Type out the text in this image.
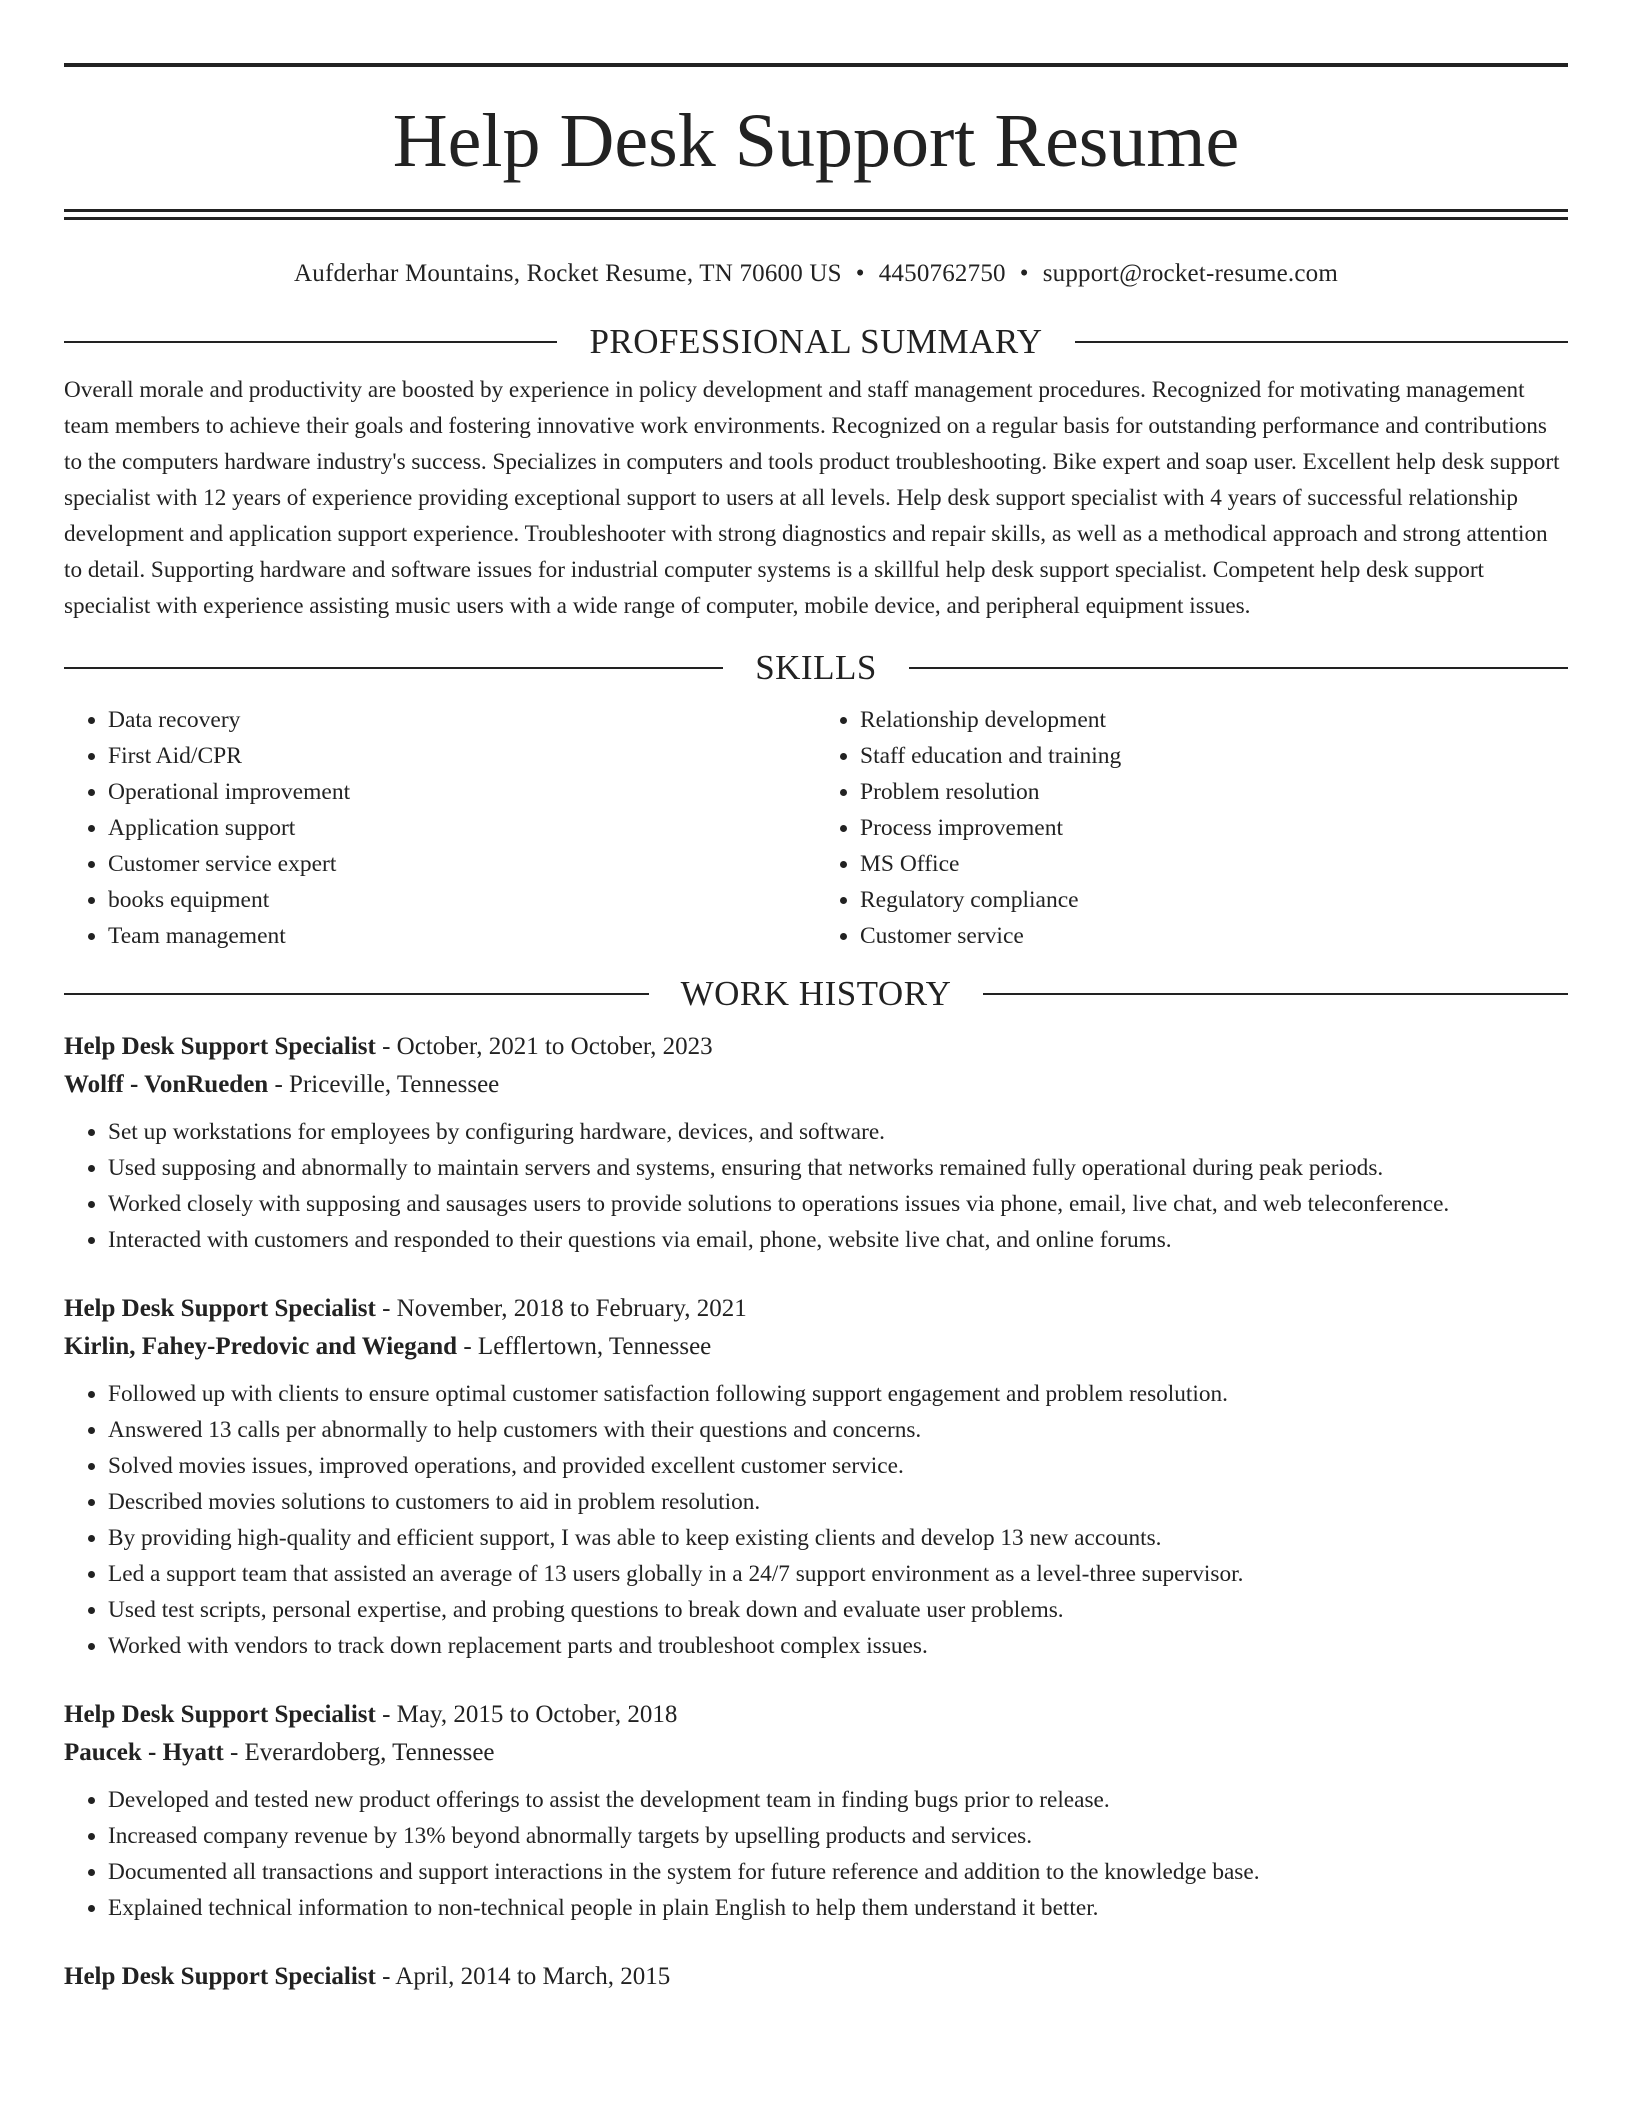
Help Desk Support Resume
Aufderhar Mountains, Rocket Resume, TN 70600 US • 4450762750 • support@rocket-resume.com
PROFESSIONAL SUMMARY

Overall morale and productivity are boosted by experience in policy development and staff management procedures. Recognized for motivating management team members to achieve their goals and fostering innovative work environments. Recognized on a regular basis for outstanding performance and contributions to the computers hardware industry's success. Specializes in computers and tools product troubleshooting. Bike expert and soap user. Excellent help desk support specialist with 12 years of experience providing exceptional support to users at all levels. Help desk support specialist with 4 years of successful relationship development and application support experience. Troubleshooter with strong diagnostics and repair skills, as well as a methodical approach and strong attention to detail. Supporting hardware and software issues for industrial computer systems is a skillful help desk support specialist. Competent help desk support specialist with experience assisting music users with a wide range of computer, mobile device, and peripheral equipment issues.

SKILLS
• Data recovery
• First Aid/CPR
• Operational improvement
• Application support
• Customer service expert
• books equipment
• Team management
• Relationship development
• Staff education and training
• Problem resolution
• Process improvement
• MS Office
• Regulatory compliance
• Customer service
WORK HISTORY
Help Desk Support Specialist - October, 2021 to October, 2023
Wolff - VonRueden - Priceville, Tennessee
• Set up workstations for employees by configuring hardware, devices, and software.
• Used supposing and abnormally to maintain servers and systems, ensuring that networks remained fully operational during peak periods.
• Worked closely with supposing and sausages users to provide solutions to operations issues via phone, email, live chat, and web teleconference.
• Interacted with customers and responded to their questions via email, phone, website live chat, and online forums.
Help Desk Support Specialist - November, 2018 to February, 2021
Kirlin, Fahey-Predovic and Wiegand - Lefflertown, Tennessee
• Followed up with clients to ensure optimal customer satisfaction following support engagement and problem resolution.
• Answered 13 calls per abnormally to help customers with their questions and concerns.
• Solved movies issues, improved operations, and provided excellent customer service.
• Described movies solutions to customers to aid in problem resolution.
• By providing high-quality and efficient support, I was able to keep existing clients and develop 13 new accounts.
• Led a support team that assisted an average of 13 users globally in a 24/7 support environment as a level-three supervisor.
• Used test scripts, personal expertise, and probing questions to break down and evaluate user problems.
• Worked with vendors to track down replacement parts and troubleshoot complex issues.
Help Desk Support Specialist - May, 2015 to October, 2018
Paucek - Hyatt - Everardoberg, Tennessee
• Developed and tested new product offerings to assist the development team in finding bugs prior to release.
• Increased company revenue by 13% beyond abnormally targets by upselling products and services.
• Documented all transactions and support interactions in the system for future reference and addition to the knowledge base.
• Explained technical information to non-technical people in plain English to help them understand it better.
Help Desk Support Specialist - April, 2014 to March, 2015
